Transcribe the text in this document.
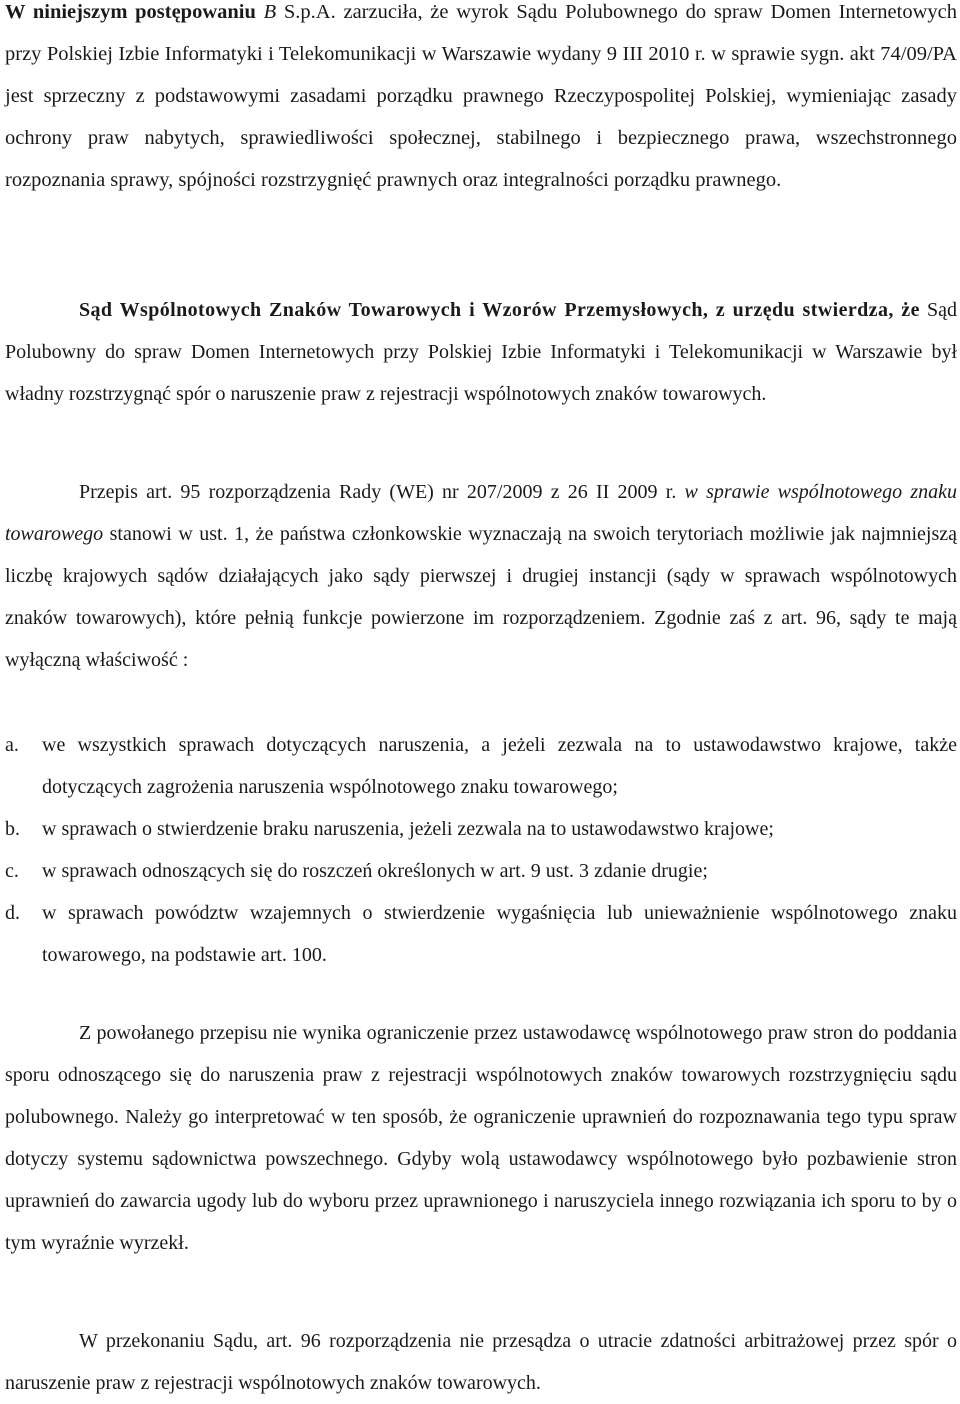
W niniejszym postępowaniu B S.p.A. zarzuciła, że wyrok Sądu Polubownego do spraw Domen Internetowych przy Polskiej Izbie Informatyki i Telekomunikacji w Warszawie wydany 9 III 2010 r. w sprawie sygn. akt 74/09/PA jest sprzeczny z podstawowymi zasadami porządku prawnego Rzeczypospolitej Polskiej, wymieniając zasady ochrony praw nabytych, sprawiedliwości społecznej, stabilnego i bezpiecznego prawa, wszechstronnego rozpoznania sprawy, spójności rozstrzygnięć prawnych oraz integralności porządku prawnego.

Sąd Wspólnotowych Znaków Towarowych i Wzorów Przemysłowych, z urzędu stwierdza, że Sąd Polubowny do spraw Domen Internetowych przy Polskiej Izbie Informatyki i Telekomunikacji w Warszawie był władny rozstrzygnąć spór o naruszenie praw z rejestracji wspólnotowych znaków towarowych.

Przepis art. 95 rozporządzenia Rady (WE) nr 207/2009 z 26 II 2009 r. w sprawie wspólnotowego znaku towarowego stanowi w ust. 1, że państwa członkowskie wyznaczają na swoich terytoriach możliwie jak najmniejszą liczbę krajowych sądów działających jako sądy pierwszej i drugiej instancji (sądy w sprawach wspólnotowych znaków towarowych), które pełnią funkcje powierzone im rozporządzeniem. Zgodnie zaś z art. 96, sądy te mają wyłączną właściwość :

a. we wszystkich sprawach dotyczących naruszenia, a jeżeli zezwala na to ustawodawstwo krajowe, także dotyczących zagrożenia naruszenia wspólnotowego znaku towarowego;
b. w sprawach o stwierdzenie braku naruszenia, jeżeli zezwala na to ustawodawstwo krajowe;
c. w sprawach odnoszących się do roszczeń określonych w art. 9 ust. 3 zdanie drugie;
d. w sprawach powództw wzajemnych o stwierdzenie wygaśnięcia lub unieważnienie wspólnotowego znaku towarowego, na podstawie art. 100.

Z powołanego przepisu nie wynika ograniczenie przez ustawodawcę wspólnotowego praw stron do poddania sporu odnoszącego się do naruszenia praw z rejestracji wspólnotowych znaków towarowych rozstrzygnięciu sądu polubownego. Należy go interpretować w ten sposób, że ograniczenie uprawnień do rozpoznawania tego typu spraw dotyczy systemu sądownictwa powszechnego. Gdyby wolą ustawodawcy wspólnotowego było pozbawienie stron uprawnień do zawarcia ugody lub do wyboru przez uprawnionego i naruszyciela innego rozwiązania ich sporu to by o tym wyraźnie wyrzekł.

W przekonaniu Sądu, art. 96 rozporządzenia nie przesądza o utracie zdatności arbitrażowej przez spór o naruszenie praw z rejestracji wspólnotowych znaków towarowych.
